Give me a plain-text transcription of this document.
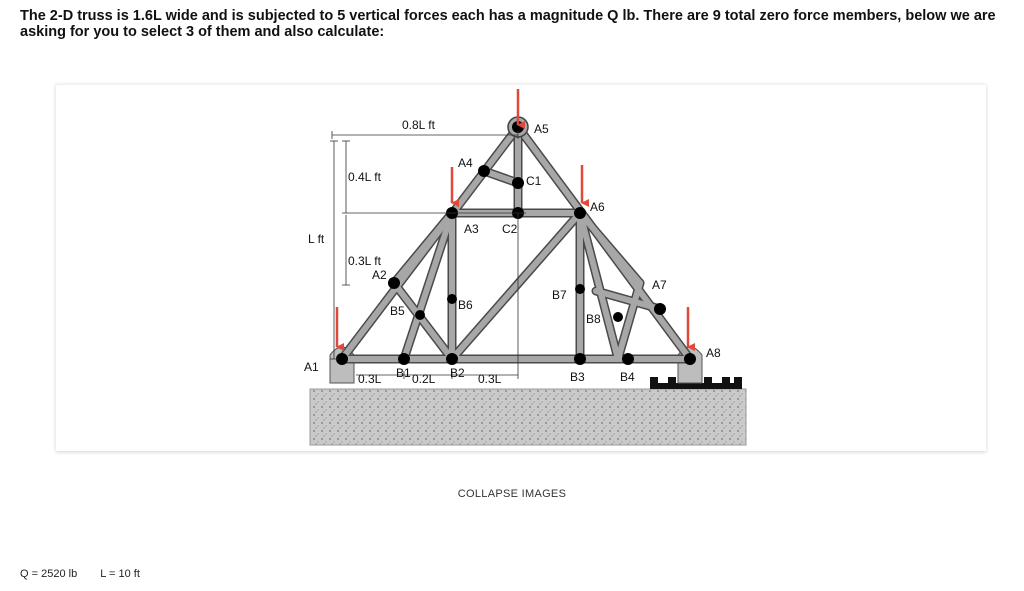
The 2-D truss is 1.6L wide and is subjected to 5 vertical forces each has a magnitude Q lb. There are 9 total zero force members, below we are asking for you to select 3 of them and also calculate:
0.8L ft
0.4L ft
L ft
0.3L ft
0.3L	0.2L	0.3L
A1
A2
A3
A4
A5
A6
A7
A8
B1	B2	B3	B4
B5	B6
B7
B8
C1
C2
COLLAPSE IMAGES
Q = 2520 lb L = 10 ft
